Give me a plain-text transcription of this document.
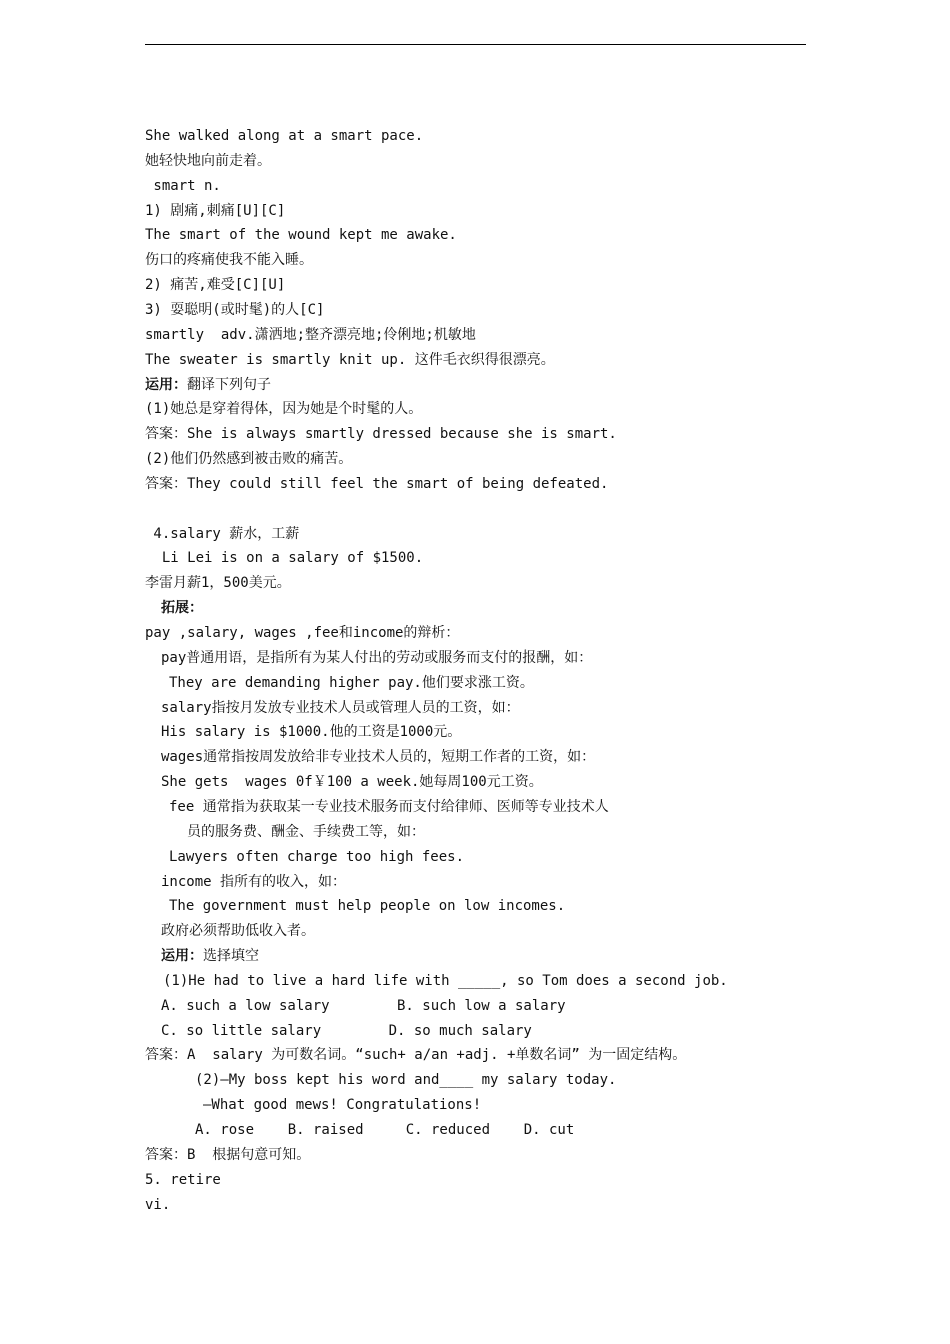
She walked along at a smart pace.
她轻快地向前走着。
smart n.
1) 剧痛,刺痛[U][C]
The smart of the wound kept me awake.
伤口的疼痛使我不能入睡。
2) 痛苦,难受[C][U]
3) 耍聪明(或时髦)的人[C]
smartly  adv.潇洒地;整齐漂亮地;伶俐地;机敏地
The sweater is smartly knit up. 这件毛衣织得很漂亮。
运用：翻译下列句子
(1)她总是穿着得体，因为她是个时髦的人。
答案：She is always smartly dressed because she is smart.
(2)他们仍然感到被击败的痛苦。
答案：They could still feel the smart of being defeated.
4.salary 薪水，工薪
Li Lei is on a salary of $1500.
李雷月薪1，500美元。
拓展：
pay ,salary, wages ,fee和income的辩析：
pay普通用语，是指所有为某人付出的劳动或服务而支付的报酬，如：
They are demanding higher pay.他们要求涨工资。
salary指按月发放专业技术人员或管理人员的工资，如：
His salary is $1000.他的工资是1000元。
wages通常指按周发放给非专业技术人员的，短期工作者的工资，如：
She gets  wages 0f￥100 a week.她每周100元工资。
fee 通常指为获取某一专业技术服务而支付给律师、医师等专业技术人
员的服务费、酬金、手续费工等，如：
Lawyers often charge too high fees.
income 指所有的收入，如：
The government must help people on low incomes.
政府必须帮助低收入者。
运用：选择填空
(1)He had to live a hard life with _____, so Tom does a second job.
A. such a low salary        B. such low a salary
C. so little salary        D. so much salary
答案：A  salary 为可数名词。“such+ a/an +adj. +单数名词” 为一固定结构。
(2)—My boss kept his word and____ my salary today.
—What good mews! Congratulations!
A. rose    B. raised     C. reduced    D. cut
答案：B  根据句意可知。
5. retire
vi.
